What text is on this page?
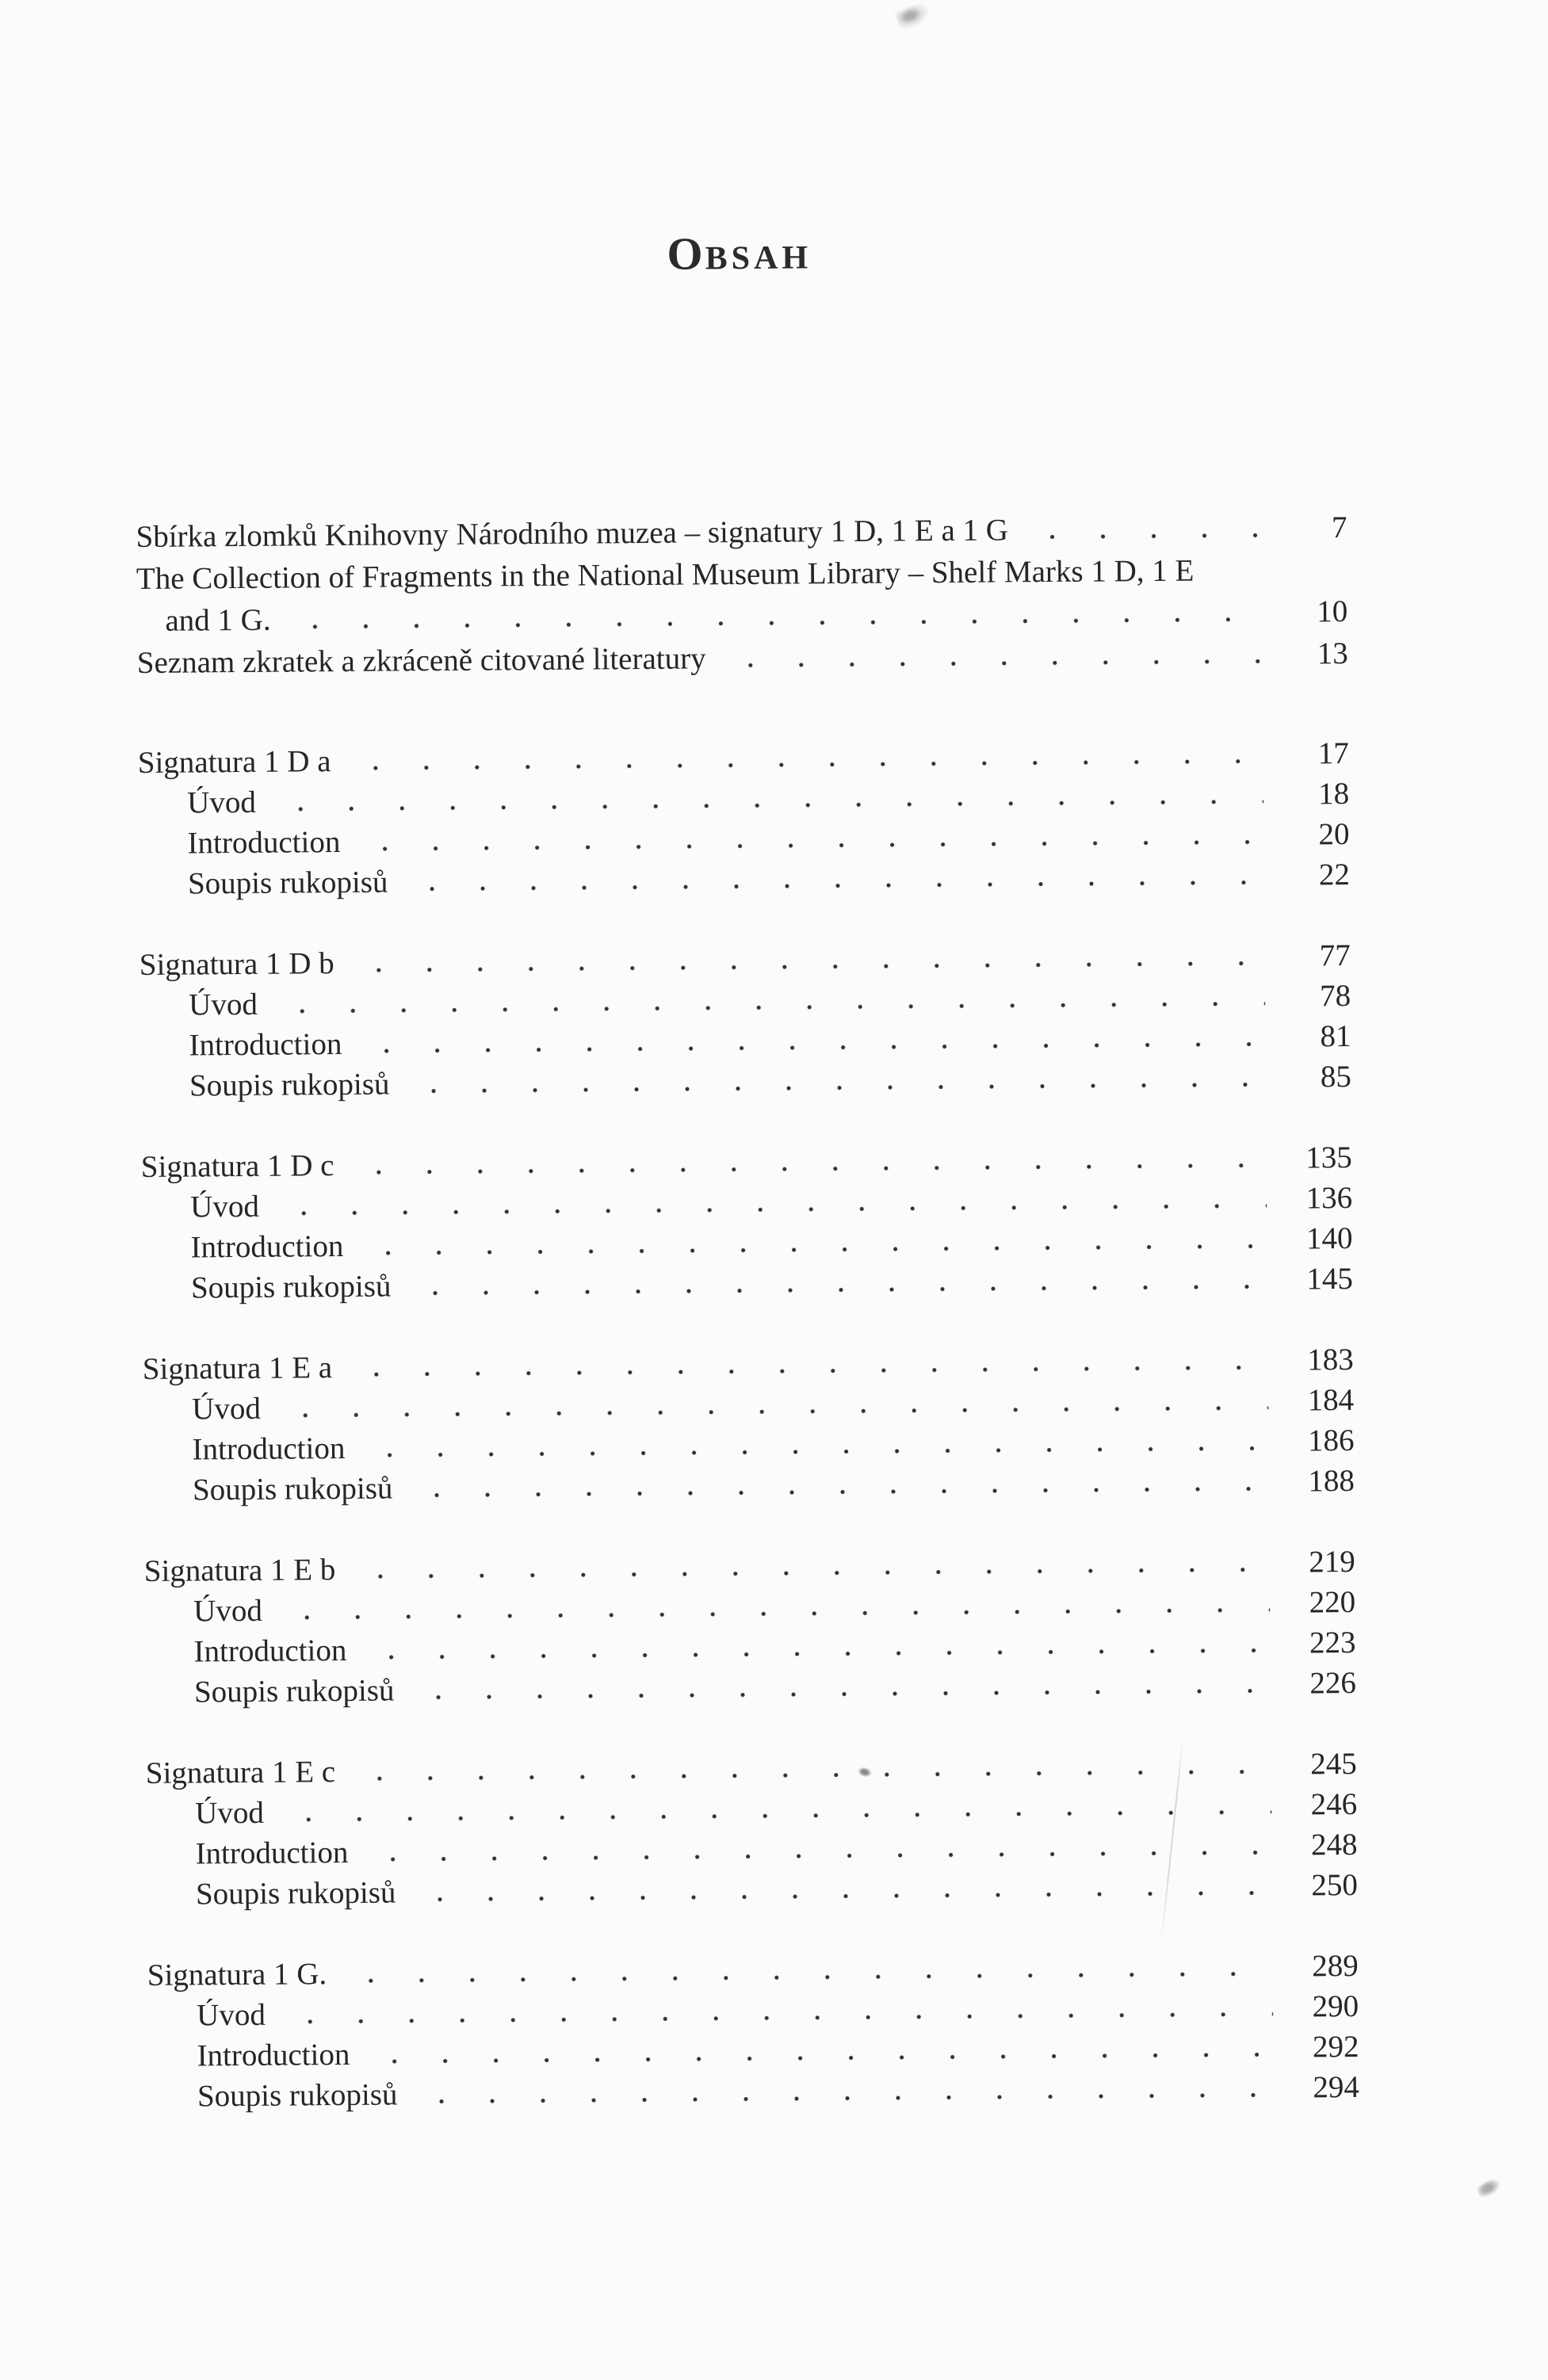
OBSAH
Sbírka zlomků Knihovny Národního muzea – signatury 1 D, 1 E a 1 G	7
The Collection of Fragments in the National Museum Library – Shelf Marks 1 D, 1 E
and 1 G.	10
Seznam zkratek a zkráceně citované literatury	13
Signatura 1 D a	17
Úvod	18
Introduction	20
Soupis rukopisů	22
Signatura 1 D b	77
Úvod	78
Introduction	81
Soupis rukopisů	85
Signatura 1 D c	135
Úvod	136
Introduction	140
Soupis rukopisů	145
Signatura 1 E a	183
Úvod	184
Introduction	186
Soupis rukopisů	188
Signatura 1 E b	219
Úvod	220
Introduction	223
Soupis rukopisů	226
Signatura 1 E c	245
Úvod	246
Introduction	248
Soupis rukopisů	250
Signatura 1 G.	289
Úvod	290
Introduction	292
Soupis rukopisů	294
